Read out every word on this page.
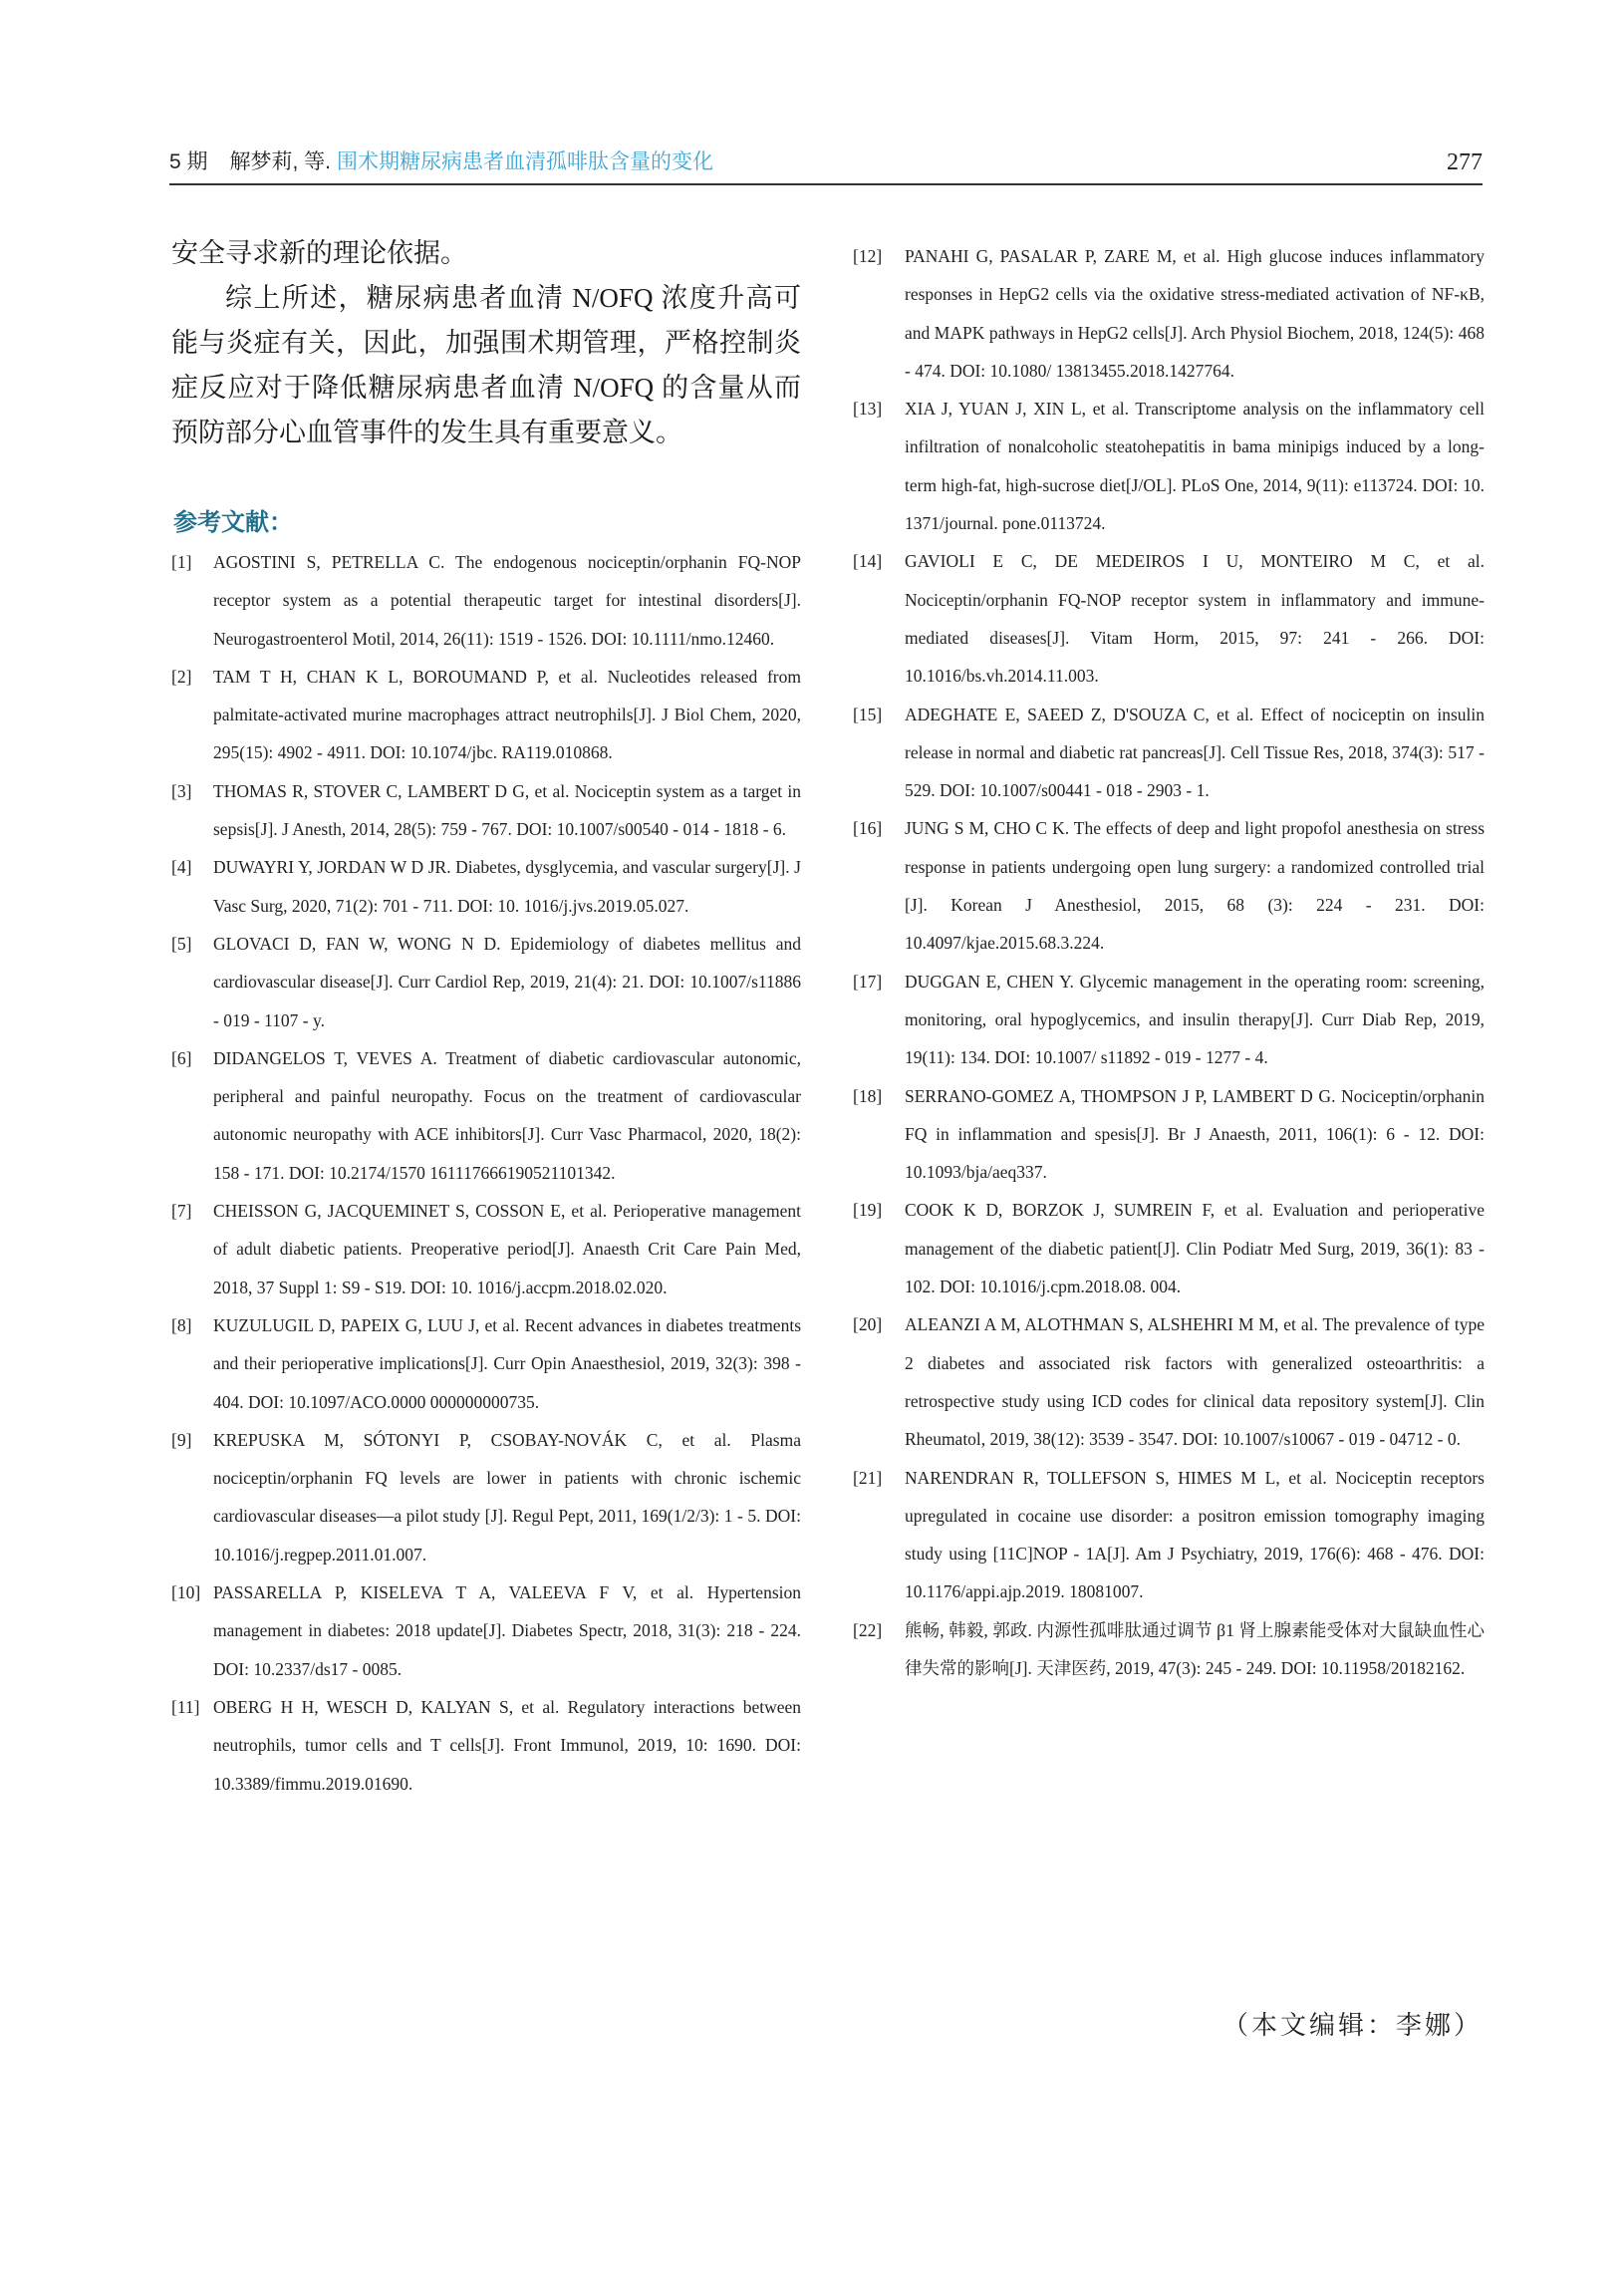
5 期 解梦莉, 等. 围术期糖尿病患者血清孤啡肽含量的变化	277

安全寻求新的理论依据。

综上所述，糖尿病患者血清 N/OFQ 浓度升高可能与炎症有关，因此，加强围术期管理，严格控制炎症反应对于降低糖尿病患者血清 N/OFQ 的含量从而预防部分心血管事件的发生具有重要意义。

参考文献：

[1] AGOSTINI S, PETRELLA C. The endogenous nociceptin/orphanin FQ-NOP receptor system as a potential therapeutic target for intestinal disorders[J]. Neurogastroenterol Motil, 2014, 26(11): 1519 - 1526. DOI: 10.1111/nmo.12460.

[2] TAM T H, CHAN K L, BOROUMAND P, et al. Nucleotides released from palmitate-activated murine macrophages attract neutrophils[J]. J Biol Chem, 2020, 295(15): 4902 - 4911. DOI: 10.1074/jbc. RA119.010868.

[3] THOMAS R, STOVER C, LAMBERT D G, et al. Nociceptin system as a target in sepsis[J]. J Anesth, 2014, 28(5): 759 - 767. DOI: 10.1007/s00540 - 014 - 1818 - 6.

[4] DUWAYRI Y, JORDAN W D JR. Diabetes, dysglycemia, and vascular surgery[J]. J Vasc Surg, 2020, 71(2): 701 - 711. DOI: 10. 1016/j.jvs.2019.05.027.

[5] GLOVACI D, FAN W, WONG N D. Epidemiology of diabetes mellitus and cardiovascular disease[J]. Curr Cardiol Rep, 2019, 21(4): 21. DOI: 10.1007/s11886 - 019 - 1107 - y.

[6] DIDANGELOS T, VEVES A. Treatment of diabetic cardiovascular autonomic, peripheral and painful neuropathy. Focus on the treatment of cardiovascular autonomic neuropathy with ACE inhibitors[J]. Curr Vasc Pharmacol, 2020, 18(2): 158 - 171. DOI: 10.2174/1570 161117666190521101342.

[7] CHEISSON G, JACQUEMINET S, COSSON E, et al. Perioperative management of adult diabetic patients. Preoperative period[J]. Anaesth Crit Care Pain Med, 2018, 37 Suppl 1: S9 - S19. DOI: 10. 1016/j.accpm.2018.02.020.

[8] KUZULUGIL D, PAPEIX G, LUU J, et al. Recent advances in diabetes treatments and their perioperative implications[J]. Curr Opin Anaesthesiol, 2019, 32(3): 398 - 404. DOI: 10.1097/ACO.0000 000000000735.

[9] KREPUSKA M, SÓTONYI P, CSOBAY-NOVÁK C, et al. Plasma nociceptin/orphanin FQ levels are lower in patients with chronic ischemic cardiovascular diseases—a pilot study [J]. Regul Pept, 2011, 169(1/2/3): 1 - 5. DOI: 10.1016/j.regpep.2011.01.007.

[10] PASSARELLA P, KISELEVA T A, VALEEVA F V, et al. Hypertension management in diabetes: 2018 update[J]. Diabetes Spectr, 2018, 31(3): 218 - 224. DOI: 10.2337/ds17 - 0085.

[11] OBERG H H, WESCH D, KALYAN S, et al. Regulatory interactions between neutrophils, tumor cells and T cells[J]. Front Immunol, 2019, 10: 1690. DOI: 10.3389/fimmu.2019.01690.

[12] PANAHI G, PASALAR P, ZARE M, et al. High glucose induces inflammatory responses in HepG2 cells via the oxidative stress-mediated activation of NF-κB, and MAPK pathways in HepG2 cells[J]. Arch Physiol Biochem, 2018, 124(5): 468 - 474. DOI: 10.1080/ 13813455.2018.1427764.

[13] XIA J, YUAN J, XIN L, et al. Transcriptome analysis on the inflammatory cell infiltration of nonalcoholic steatohepatitis in bama minipigs induced by a long-term high-fat, high-sucrose diet[J/OL]. PLoS One, 2014, 9(11): e113724. DOI: 10. 1371/journal. pone.0113724.

[14] GAVIOLI E C, DE MEDEIROS I U, MONTEIRO M C, et al. Nociceptin/orphanin FQ-NOP receptor system in inflammatory and immune-mediated diseases[J]. Vitam Horm, 2015, 97: 241 - 266. DOI: 10.1016/bs.vh.2014.11.003.

[15] ADEGHATE E, SAEED Z, D'SOUZA C, et al. Effect of nociceptin on insulin release in normal and diabetic rat pancreas[J]. Cell Tissue Res, 2018, 374(3): 517 - 529. DOI: 10.1007/s00441 - 018 - 2903 - 1.

[16] JUNG S M, CHO C K. The effects of deep and light propofol anesthesia on stress response in patients undergoing open lung surgery: a randomized controlled trial [J]. Korean J Anesthesiol, 2015, 68 (3): 224 - 231. DOI: 10.4097/kjae.2015.68.3.224.

[17] DUGGAN E, CHEN Y. Glycemic management in the operating room: screening, monitoring, oral hypoglycemics, and insulin therapy[J]. Curr Diab Rep, 2019, 19(11): 134. DOI: 10.1007/ s11892 - 019 - 1277 - 4.

[18] SERRANO-GOMEZ A, THOMPSON J P, LAMBERT D G. Nociceptin/orphanin FQ in inflammation and spesis[J]. Br J Anaesth, 2011, 106(1): 6 - 12. DOI: 10.1093/bja/aeq337.

[19] COOK K D, BORZOK J, SUMREIN F, et al. Evaluation and perioperative management of the diabetic patient[J]. Clin Podiatr Med Surg, 2019, 36(1): 83 - 102. DOI: 10.1016/j.cpm.2018.08. 004.

[20] ALEANZI A M, ALOTHMAN S, ALSHEHRI M M, et al. The prevalence of type 2 diabetes and associated risk factors with generalized osteoarthritis: a retrospective study using ICD codes for clinical data repository system[J]. Clin Rheumatol, 2019, 38(12): 3539 - 3547. DOI: 10.1007/s10067 - 019 - 04712 - 0.

[21] NARENDRAN R, TOLLEFSON S, HIMES M L, et al. Nociceptin receptors upregulated in cocaine use disorder: a positron emission tomography imaging study using [11C]NOP - 1A[J]. Am J Psychiatry, 2019, 176(6): 468 - 476. DOI: 10.1176/appi.ajp.2019. 18081007.

[22] 熊畅, 韩毅, 郭政. 内源性孤啡肽通过调节 β1 肾上腺素能受体对大鼠缺血性心律失常的影响[J]. 天津医药, 2019, 47(3): 245 - 249. DOI: 10.11958/20182162.

（本文编辑：李娜）
